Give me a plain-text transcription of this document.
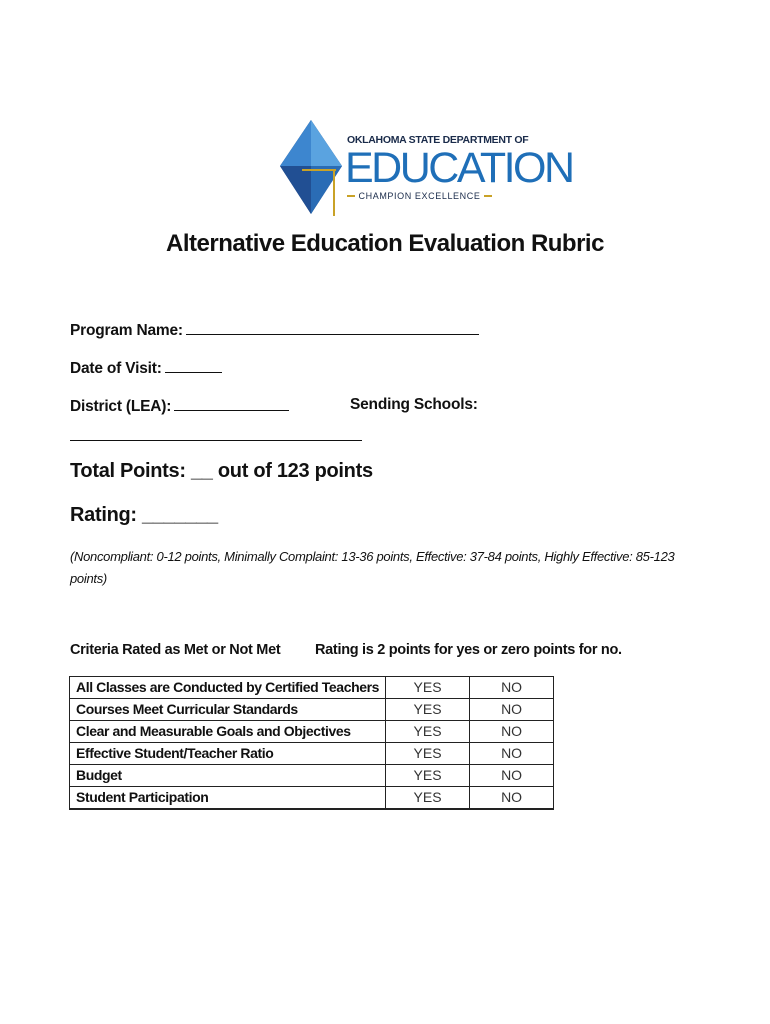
OKLAHOMA STATE DEPARTMENT OF
EDUCATION
CHAMPION EXCELLENCE
Alternative Education Evaluation Rubric
Program Name:
Date of Visit:
District (LEA):	Sending Schools:
Total Points: __ out of 123 points
Rating: _______
(Noncompliant: 0-12 points, Minimally Complaint: 13-36 points, Effective: 37-84 points, Highly Effective: 85-123 points)
Criteria Rated as Met or Not Met Rating is 2 points for yes or zero points for no.
All Classes are Conducted by Certified Teachers	YES	NO
Courses Meet Curricular Standards	YES	NO
Clear and Measurable Goals and Objectives	YES	NO
Effective Student/Teacher Ratio	YES	NO
Budget	YES	NO
Student Participation	YES	NO
